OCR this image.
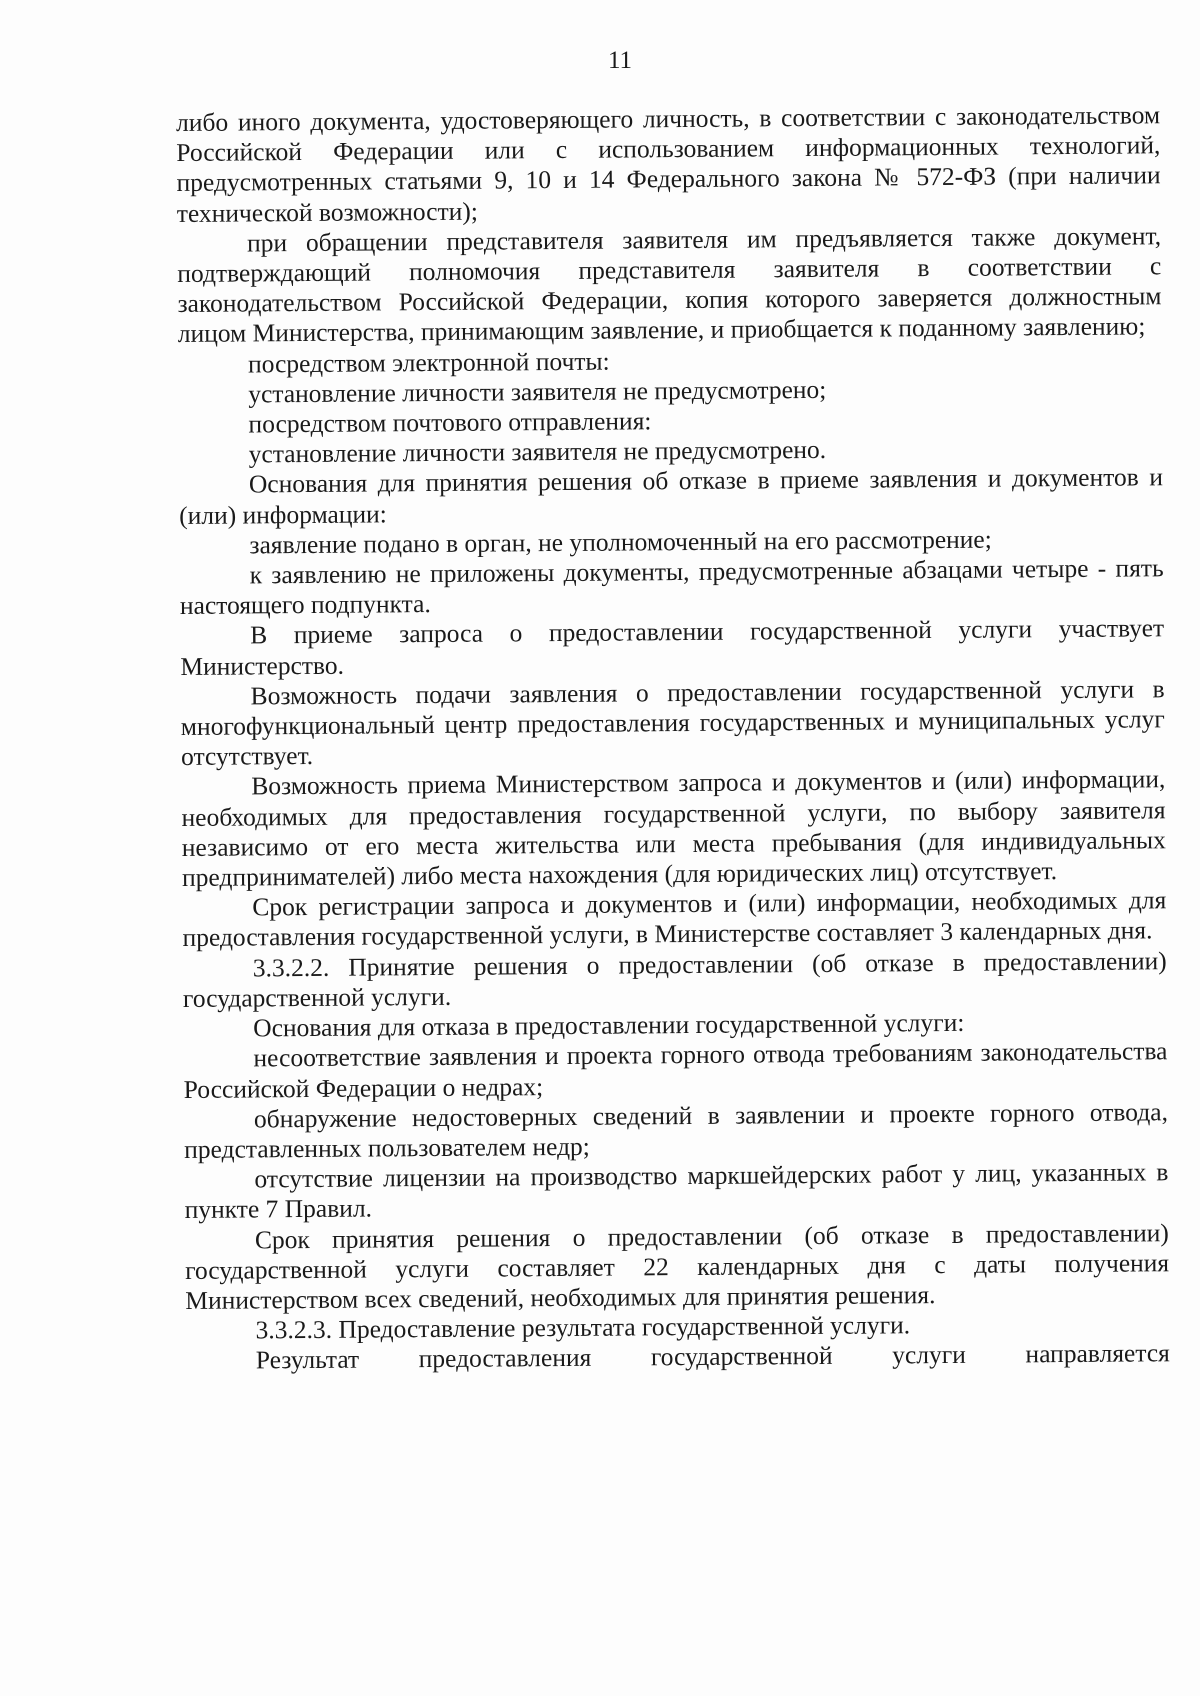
11

либо иного документа, удостоверяющего личность, в соответствии с законодательством Российской Федерации или с использованием информационных технологий, предусмотренных статьями 9, 10 и 14 Федерального закона № 572-ФЗ (при наличии технической возможности);

при обращении представителя заявителя им предъявляется также документ, подтверждающий полномочия представителя заявителя в соответствии с законодательством Российской Федерации, копия которого заверяется должностным лицом Министерства, принимающим заявление, и приобщается к поданному заявлению;

посредством электронной почты:

установление личности заявителя не предусмотрено;

посредством почтового отправления:

установление личности заявителя не предусмотрено.

Основания для принятия решения об отказе в приеме заявления и документов и (или) информации:

заявление подано в орган, не уполномоченный на его рассмотрение;

к заявлению не приложены документы, предусмотренные абзацами четыре - пять настоящего подпункта.

В приеме запроса о предоставлении государственной услуги участвует Министерство.

Возможность подачи заявления о предоставлении государственной услуги в многофункциональный центр предоставления государственных и муниципальных услуг отсутствует.

Возможность приема Министерством запроса и документов и (или) информации, необходимых для предоставления государственной услуги, по выбору заявителя независимо от его места жительства или места пребывания (для индивидуальных предприниматeлей) либо места нахождения (для юридических лиц) отсутствует.

Срок регистрации запроса и документов и (или) информации, необходимых для предоставления государственной услуги, в Министерстве составляет 3 календарных дня.

3.3.2.2. Принятие решения о предоставлении (об отказе в предоставлении) государственной услуги.

Основания для отказа в предоставлении государственной услуги:

несоответствие заявления и проекта горного отвода требованиям законодательства Российской Федерации о недрах;

обнаружение недостоверных сведений в заявлении и проекте горного отвода, представленных пользователем недр;

отсутствие лицензии на производство маркшейдерских работ у лиц, указанных в пункте 7 Правил.

Срок принятия решения о предоставлении (об отказе в предоставлении) государственной услуги составляет 22 календарных дня с даты получения Министерством всех сведений, необходимых для принятия решения.

3.3.2.3. Предоставление результата государственной услуги.

Результат предоставления государственной услуги направляется
